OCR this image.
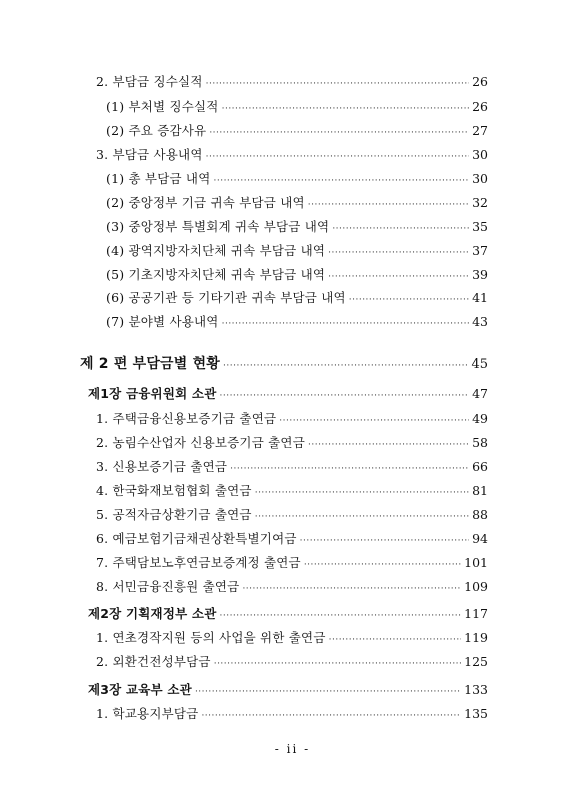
2. 부담금 징수실적 ·····	26
(1) 부처별 징수실적 ·····	26
(2) 주요 증감사유 ·····	27
3. 부담금 사용내역 ·····	30
(1) 총 부담금 내역 ·····	30
(2) 중앙정부 기금 귀속 부담금 내역 ·····	32
(3) 중앙정부 특별회계 귀속 부담금 내역 ·····	35
(4) 광역지방자치단체 귀속 부담금 내역 ·····	37
(5) 기초지방자치단체 귀속 부담금 내역 ·····	39
(6) 공공기관 등 기타기관 귀속 부담금 내역 ·····	41
(7) 분야별 사용내역 ·····	43
제 2 편 부담금별 현황 ·····	45
제1장 금융위원회 소관 ·····	47
1. 주택금융신용보증기금 출연금 ·····	49
2. 농림수산업자 신용보증기금 출연금 ·····	58
3. 신용보증기금 출연금 ·····	66
4. 한국화재보험협회 출연금 ·····	81
5. 공적자금상환기금 출연금 ·····	88
6. 예금보험기금채권상환특별기여금 ·····	94
7. 주택담보노후연금보증계정 출연금 ·····	101
8. 서민금융진흥원 출연금 ·····	109
제2장 기획재정부 소관 ·····	117
1. 연초경작지원 등의 사업을 위한 출연금 ·····	119
2. 외환건전성부담금 ·····	125
제3장 교육부 소관 ·····	133
1. 학교용지부담금 ·····	135
- ii -
